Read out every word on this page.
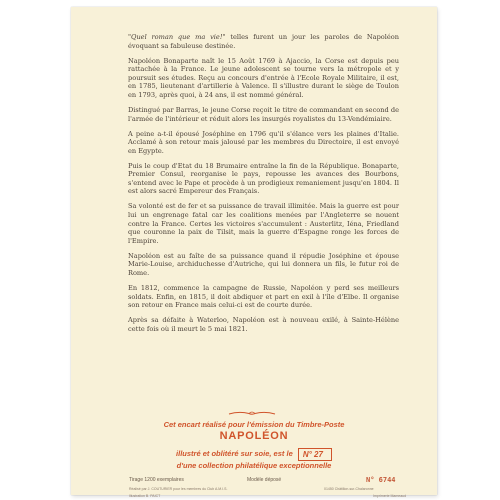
"Quel roman que ma vie!" telles furent un jour les paroles de Napoléon évoquant sa fabuleuse destinée.

Napoléon Bonaparte naît le 15 Août 1769 à Ajaccio, la Corse est depuis peu rattachée à la France. Le jeune adolescent se tourne vers la métropole et y poursuit ses études. Reçu au concours d'entrée à l'Ecole Royale Militaire, il est, en 1785, lieutenant d'artillerie à Valence. Il s'illustre durant le siège de Toulon en 1793, après quoi, à 24 ans, il est nommé général.

Distingué par Barras, le jeune Corse reçoit le titre de commandant en second de l'armée de l'intérieur et réduit alors les insurgés royalistes du 13-Vendémiaire.

A peine a-t-il épousé Joséphine en 1796 qu'il s'élance vers les plaines d'Italie. Acclamé à son retour mais jalousé par les membres du Directoire, il est envoyé en Egypte.

Puis le coup d'Etat du 18 Brumaire entraîne la fin de la République. Bonaparte, Premier Consul, reorganise le pays, repousse les avances des Bourbons, s'entend avec le Pape et procède à un prodigieux remaniement jusqu'en 1804. Il est alors sacré Empereur des Français.

Sa volonté est de fer et sa puissance de travail illimitée. Mais la guerre est pour lui un engrenage fatal car les coalitions menées par l'Angleterre se nouent contre la France. Certes les victoires s'accumulent : Austerlitz, Iéna, Friedland que couronne la paix de Tilsit, mais la guerre d'Espagne ronge les forces de l'Empire.

Napoléon est au faîte de sa puissance quand il répudie Joséphine et épouse Marie-Louise, archiduchesse d'Autriche, qui lui donnera un fils, le futur roi de Rome.

En 1812, commence la campagne de Russie, Napoléon y perd ses meilleurs soldats. Enfin, en 1815, il doit abdiquer et part en exil à l'île d'Elbe. Il organise son retour en France mais celui-ci est de courte durée.

Après sa défaite à Waterloo, Napoléon est à nouveau exilé, à Sainte-Hélène cette fois où il meurt le 5 mai 1821.

Cet encart réalisé pour l'émission du Timbre-Poste
NAPOLÉON
illustré et oblitéré sur soie, est le N° 27
d'une collection philatélique exceptionnelle
Tirage 1200 exemplaires	Modèle déposé	N° 6744
Réalisé par J. COUTURIER pour les membres du Club A.M.I.S.	01450 Châtillon-sur-Chalaronne
Illustration B. PAICT	Imprimerie Mameaud
